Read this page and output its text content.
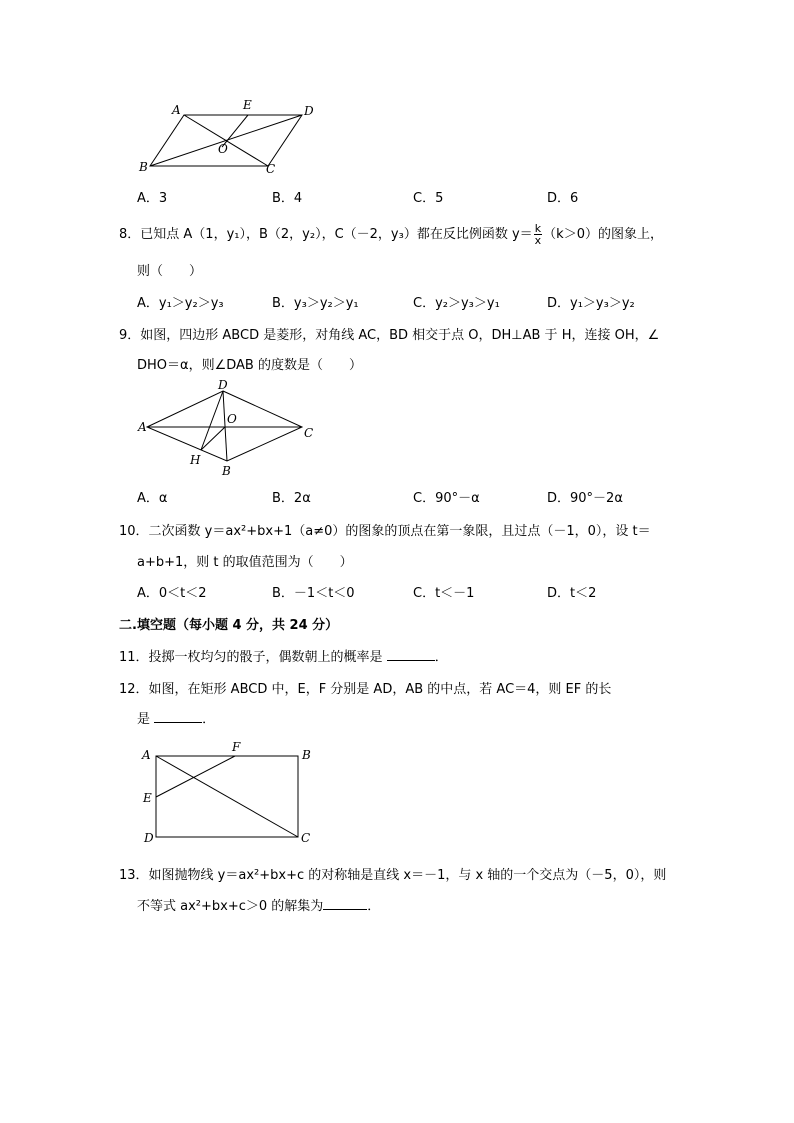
A	E	D
O
B	C
A．3	B．4	C．5	D．6
8．已知点 A（1，y₁），B（2，y₂），C（－2，y₃）都在反比例函数 $y= \frac{k}{x} (k>0)$的图象上，
则（　　）
A．y₁＞y₂＞y₃	B．y₃＞y₂＞y₁	C．y₂＞y₃＞y₁	D．y₁＞y₃＞y₂
9．如图，四边形 ABCD 是菱形，对角线 AC，BD 相交于点 O，DH⊥AB 于 H，连接 OH，∠
DHO＝α，则∠DAB 的度数是（　　）
D
A
O
C
H
B
A．α	B．2α	C．90°－α	D．90°－2α
10．二次函数 y＝ax²+bx+1（a≠0）的图象的顶点在第一象限，且过点（－1，0），设 t＝
a+b+1，则 t 的取值范围为（　　）
A．0＜t＜2	B．－1＜t＜0	C．t＜－1	D．t＜2
二.填空题（每小题 4 分，共 24 分）
11．投掷一枚均匀的骰子，偶数朝上的概率是	．
12．如图，在矩形 ABCD 中，E，F 分别是 AD，AB 的中点，若 AC＝4，则 EF 的长
是	．
A
F
B
E
D	C
13．如图抛物线 y＝ax²+bx+c 的对称轴是直线 x＝－1，与 x 轴的一个交点为（－5，0），则
不等式 ax²+bx+c＞0 的解集为	．
